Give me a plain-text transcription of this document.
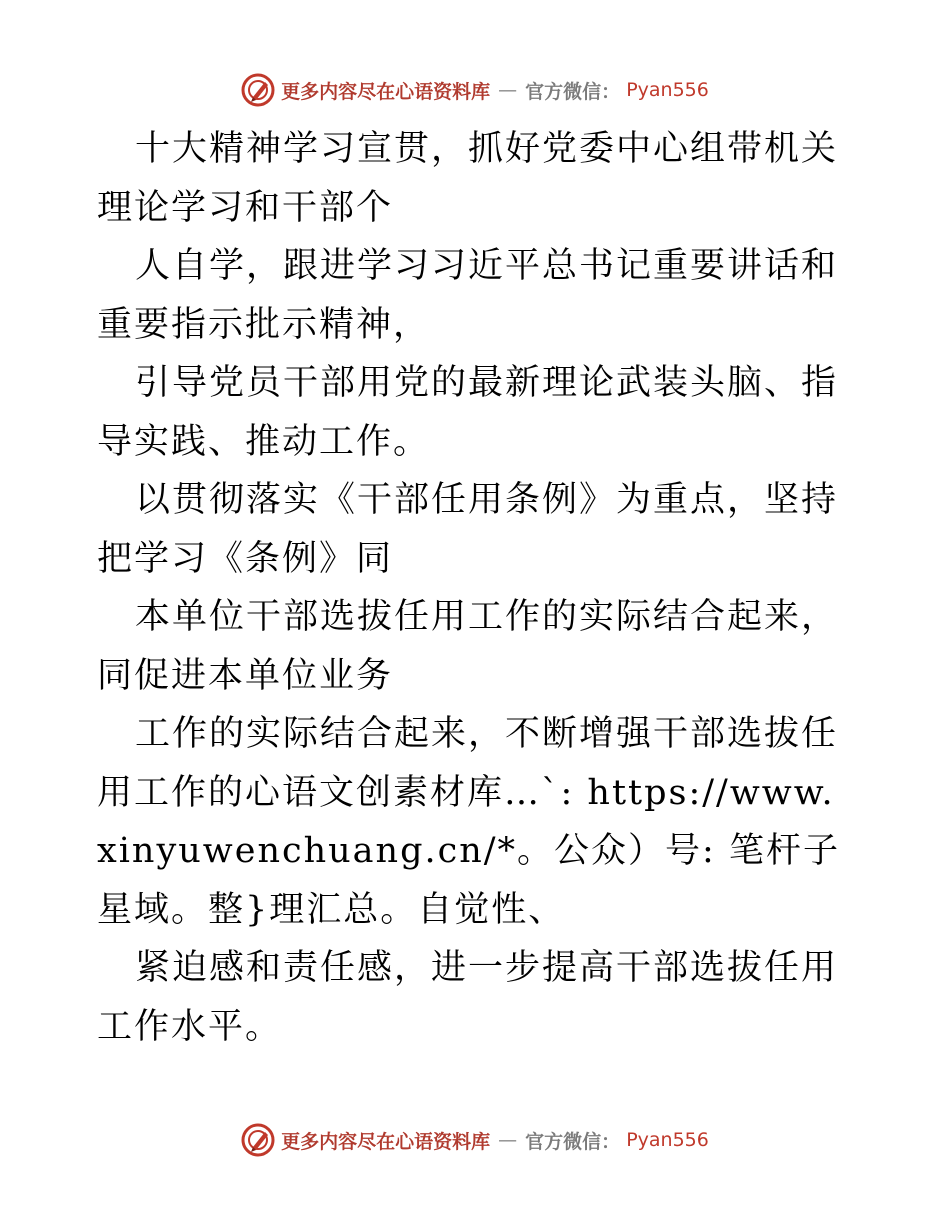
更多内容尽在心语资料库 — 官方微信： Pyan556

十大精神学习宣贯，抓好党委中心组带机关理论学习和干部个

人自学，跟进学习习近平总书记重要讲话和重要指示批示精神，

引导党员干部用党的最新理论武装头脑、指导实践、推动工作。

以贯彻落实《干部任用条例》为重点，坚持把学习《条例》同

本单位干部选拔任用工作的实际结合起来，同促进本单位业务

工作的实际结合起来，不断增强干部选拔任用工作的心语文创素材库…`: https://www.xinyuwenchuang.cn/*。公众）号: 笔杆子星域。整}理汇总。自觉性、

紧迫感和责任感，进一步提高干部选拔任用工作水平。

更多内容尽在心语资料库 — 官方微信： Pyan556
